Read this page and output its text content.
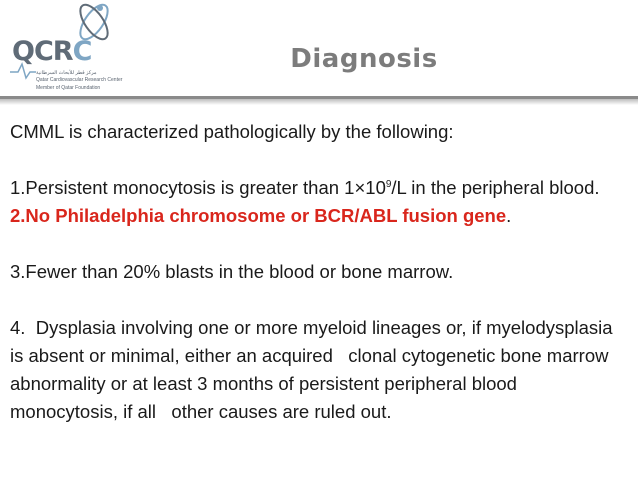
QCRC
مركز قطر للأبحاث السرطانية
Qatar Cardiovascular Research Center
Member of Qatar Foundation
Diagnosis

CMML is characterized pathologically by the following:

1.Persistent monocytosis is greater than $1\times 10^9/L$ in the peripheral blood.

2.No Philadelphia chromosome or BCR/ABL fusion gene.

3.Fewer than 20% blasts in the blood or bone marrow.

4.  Dysplasia involving one or more myeloid lineages or, if myelodysplasia is absent or minimal, either an acquired   clonal cytogenetic bone marrow abnormality or at least 3 months of persistent peripheral blood monocytosis, if all   other causes are ruled out.
